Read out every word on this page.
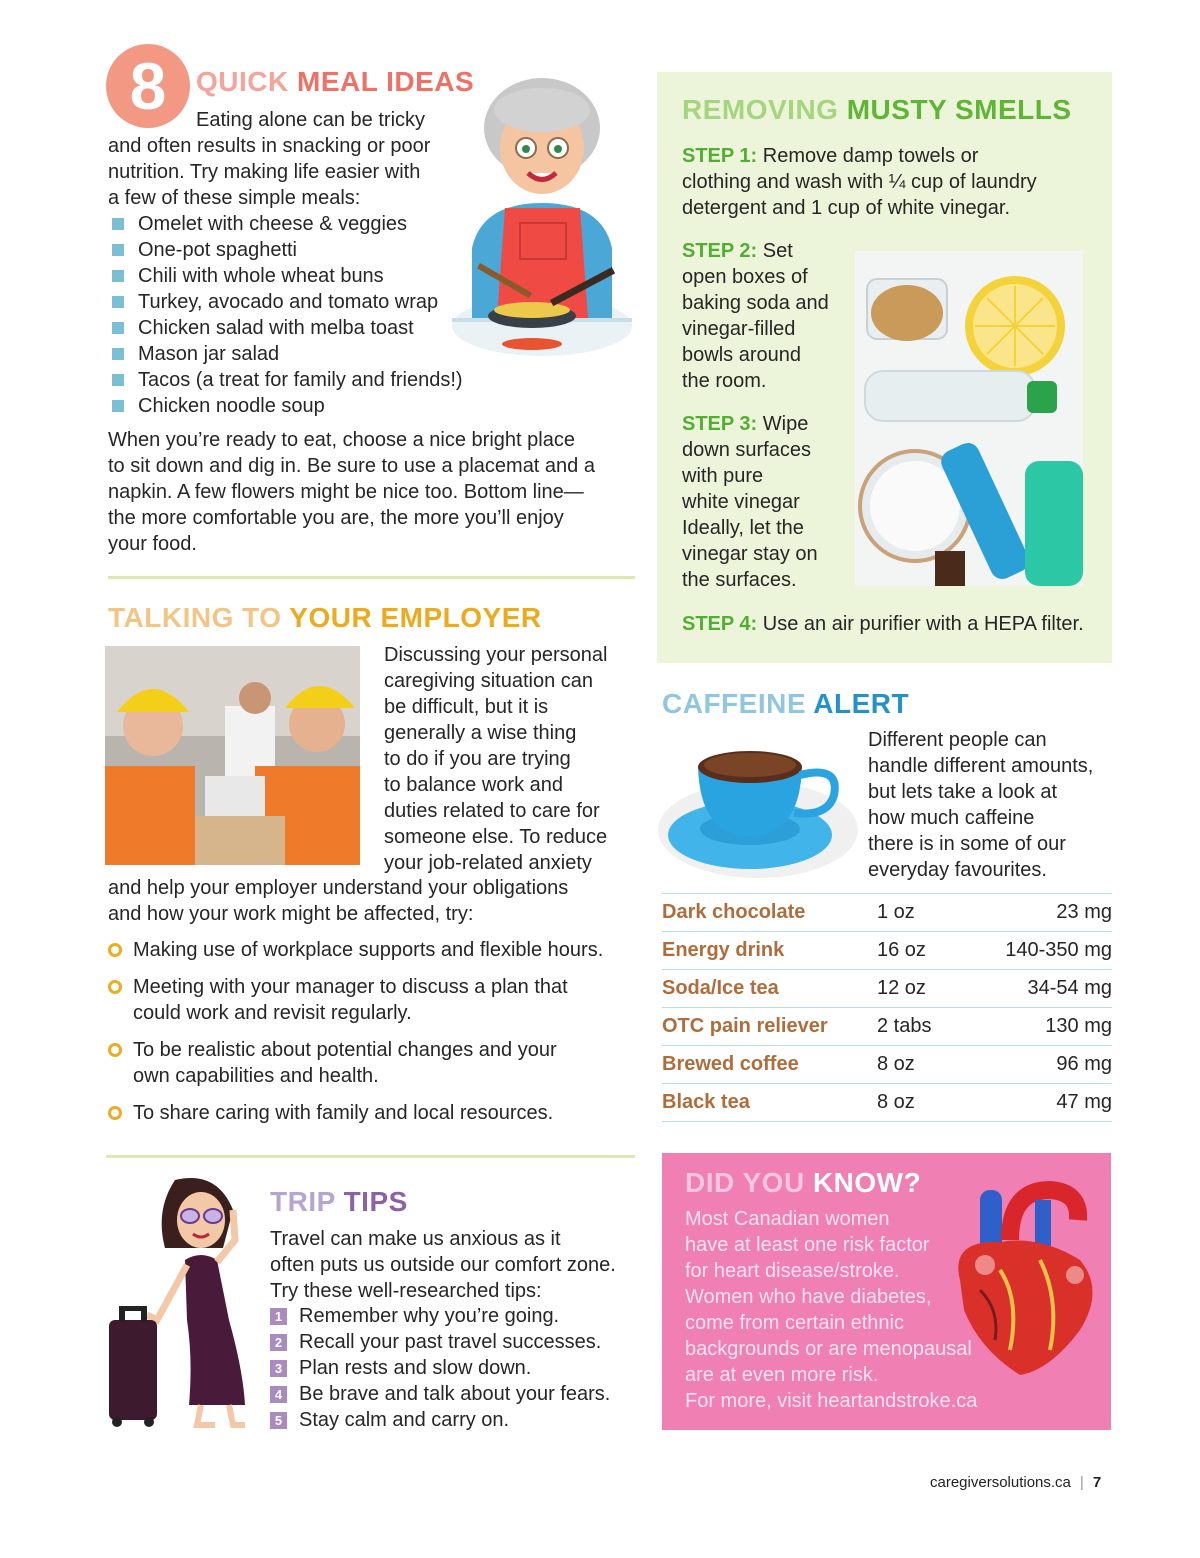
8	QUICK MEAL IDEAS

Eating alone can be tricky

and often results in snacking or poor

nutrition. Try making life easier with

a few of these simple meals:

Omelet with cheese & veggies
One-pot spaghetti
Chili with whole wheat buns
Turkey, avocado and tomato wrap
Chicken salad with melba toast
Mason jar salad
Tacos (a treat for family and friends!)
Chicken noodle soup

When you’re ready to eat, choose a nice bright place

to sit down and dig in. Be sure to use a placemat and a

napkin. A few flowers might be nice too. Bottom line—

the more comfortable you are, the more you’ll enjoy

your food.

TALKING TO YOUR EMPLOYER

Discussing your personal

caregiving situation can

be difficult, but it is

generally a wise thing

to do if you are trying

to balance work and

duties related to care for

someone else. To reduce

your job-related anxiety

and help your employer understand your obligations

and how your work might be affected, try:

Making use of workplace supports and flexible hours.

Meeting with your manager to discuss a plan that

could work and revisit regularly.

To be realistic about potential changes and your

own capabilities and health.

To share caring with family and local resources.

TRIP TIPS

Travel can make us anxious as it

often puts us outside our comfort zone.

Try these well-researched tips:

1 Remember why you’re going.
2 Recall your past travel successes.
3 Plan rests and slow down.
4 Be brave and talk about your fears.
5 Stay calm and carry on.
REMOVING MUSTY SMELLS

STEP 1: Remove damp towels or

clothing and wash with ¼ cup of laundry

detergent and 1 cup of white vinegar.

STEP 2: Set

open boxes of

baking soda and

vinegar-filled

bowls around

the room.

STEP 3: Wipe

down surfaces

with pure

white vinegar

Ideally, let the

vinegar stay on

the surfaces.

STEP 4: Use an air purifier with a HEPA filter.

CAFFEINE ALERT

Different people can

handle different amounts,

but lets take a look at

how much caffeine

there is in some of our

everyday favourites.

Dark chocolate	1 oz	23 mg
Energy drink	16 oz	140-350 mg
Soda/Ice tea	12 oz	34-54 mg
OTC pain reliever	2 tabs	130 mg
Brewed coffee	8 oz	96 mg
Black tea	8 oz	47 mg
DID YOU KNOW?
Most Canadian women
have at least one risk factor
for heart disease/stroke.
Women who have diabetes,
come from certain ethnic
backgrounds or are menopausal
are at even more risk.
For more, visit heartandstroke.ca
caregiversolutions.ca | 7
